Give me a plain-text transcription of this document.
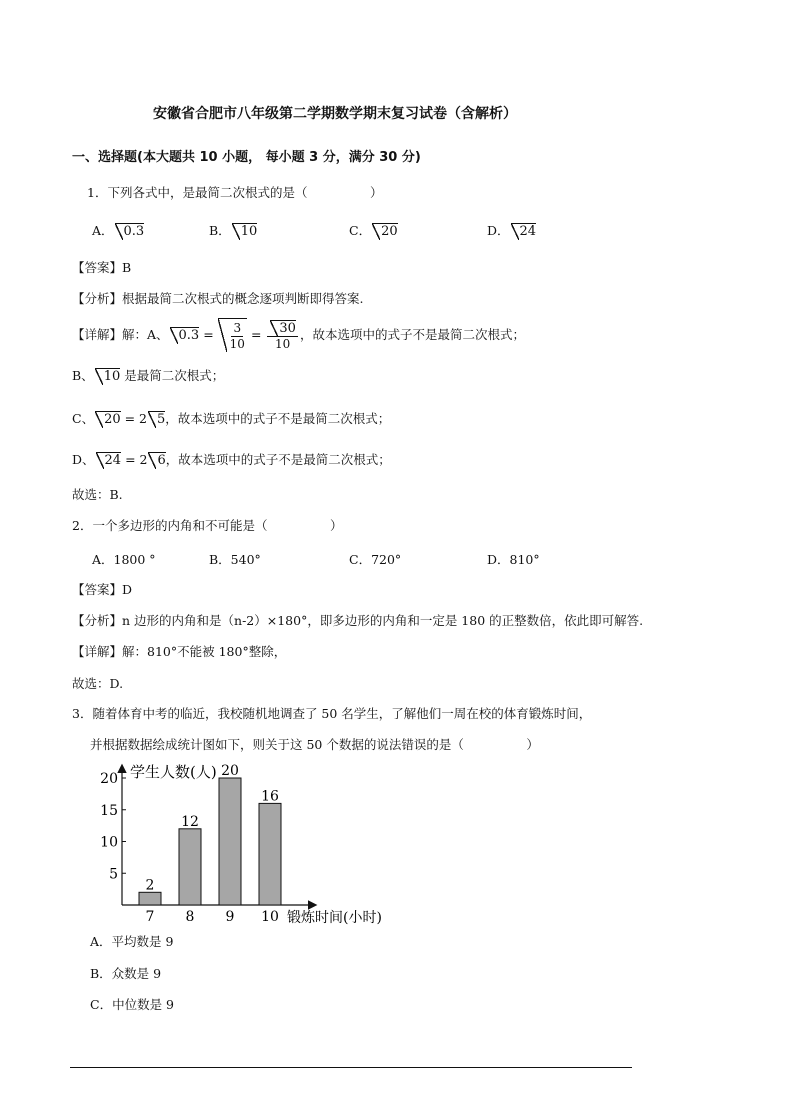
安徽省合肥市八年级第二学期数学期末复习试卷（含解析）
一、选择题(本大题共 10 小题， 每小题 3 分，满分 30 分)
1．下列各式中，是最简二次根式的是（　　　　　）
A． 0.3	B． 10	C． 20	D． 24
【答案】B
【分析】根据最简二次根式的概念逐项判断即得答案.
【详解】解：A、 $0.3 = \frac{3}{10} = \frac{30}{10}$ ，故本选项中的式子不是最简二次根式；
B、 10 是最简二次根式；
C、 20 = 2 5，故本选项中的式子不是最简二次根式；
D、 24 = 2 6，故本选项中的式子不是最简二次根式；
故选：B.
2．一个多边形的内角和不可能是（　　　　　）
A．1800 °	B．540°	C．720°	D．810°
【答案】D
【分析】n 边形的内角和是（n-2）×180°，即多边形的内角和一定是 180 的正整数倍，依此即可解答.
【详解】解：810°不能被 180°整除，
故选：D.
3．随着体育中考的临近，我校随机地调查了 50 名学生，了解他们一周在校的体育锻炼时间，
并根据数据绘成统计图如下，则关于这 50 个数据的说法错误的是（　　　　　）
5
10
15
20
2
7
12
8
20
9
16
10
学生人数(人)
锻炼时间(小时)
A．平均数是 9
B．众数是 9
C．中位数是 9
